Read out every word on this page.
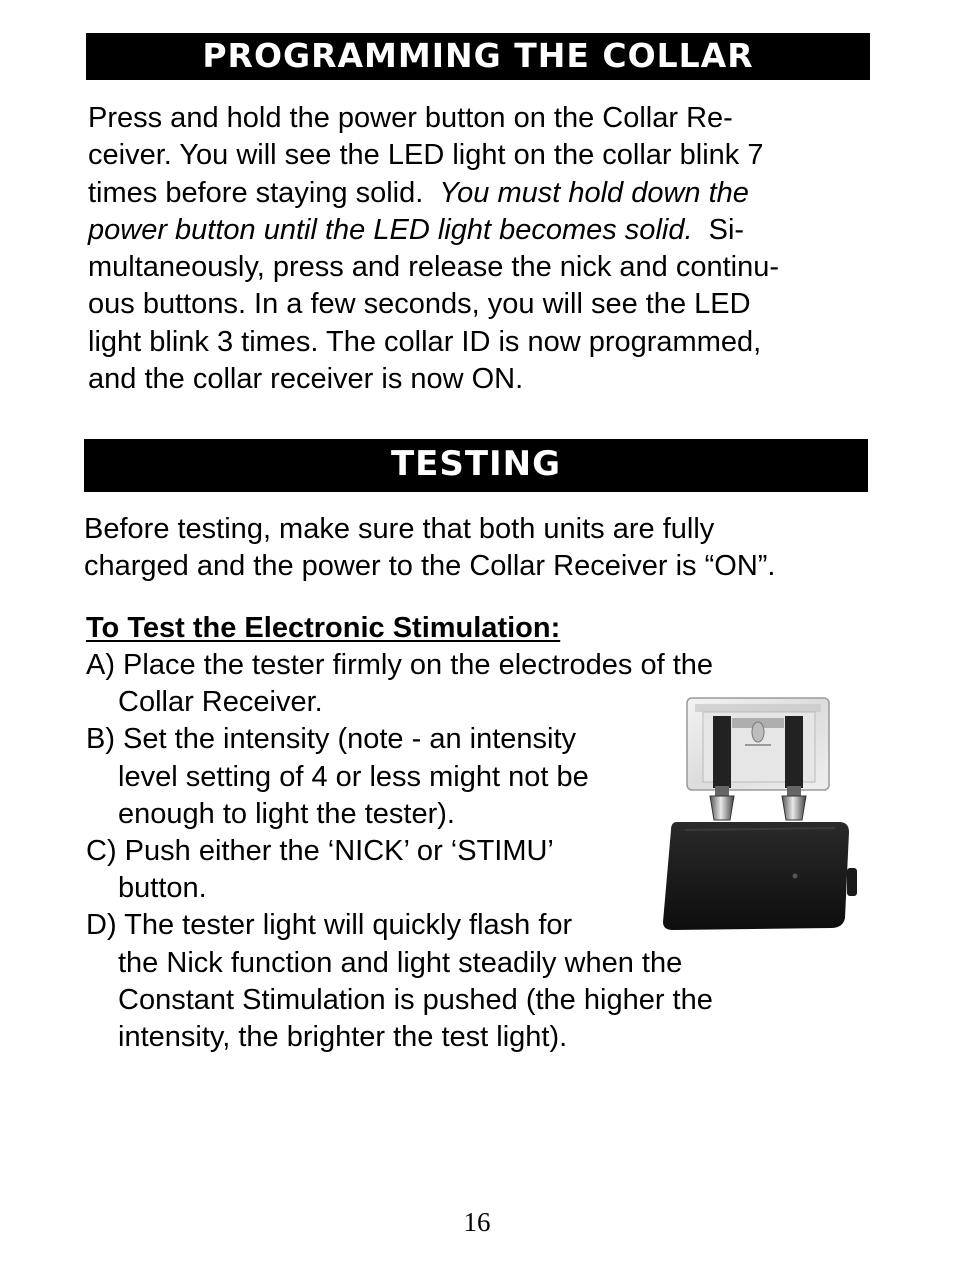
PROGRAMMING THE COLLAR
Press and hold the power button on the Collar Re-
ceiver. You will see the LED light on the collar blink 7
times before staying solid.  You must hold down the
power button until the LED light becomes solid.  Si-
multaneously, press and release the nick and continu-
ous buttons. In a few seconds, you will see the LED
light blink 3 times. The collar ID is now programmed,
and the collar receiver is now ON.
TESTING
Before testing, make sure that both units are fully
charged and the power to the Collar Receiver is “ON”.
To Test the Electronic Stimulation:
A) Place the tester firmly on the electrodes of the
Collar Receiver.
B) Set the intensity (note - an intensity
level setting of 4 or less might not be
enough to light the tester).
C) Push either the ‘NICK’ or ‘STIMU’
button.
D) The tester light will quickly flash for
the Nick function and light steadily when the
Constant Stimulation is pushed (the higher the
intensity, the brighter the test light).
16
